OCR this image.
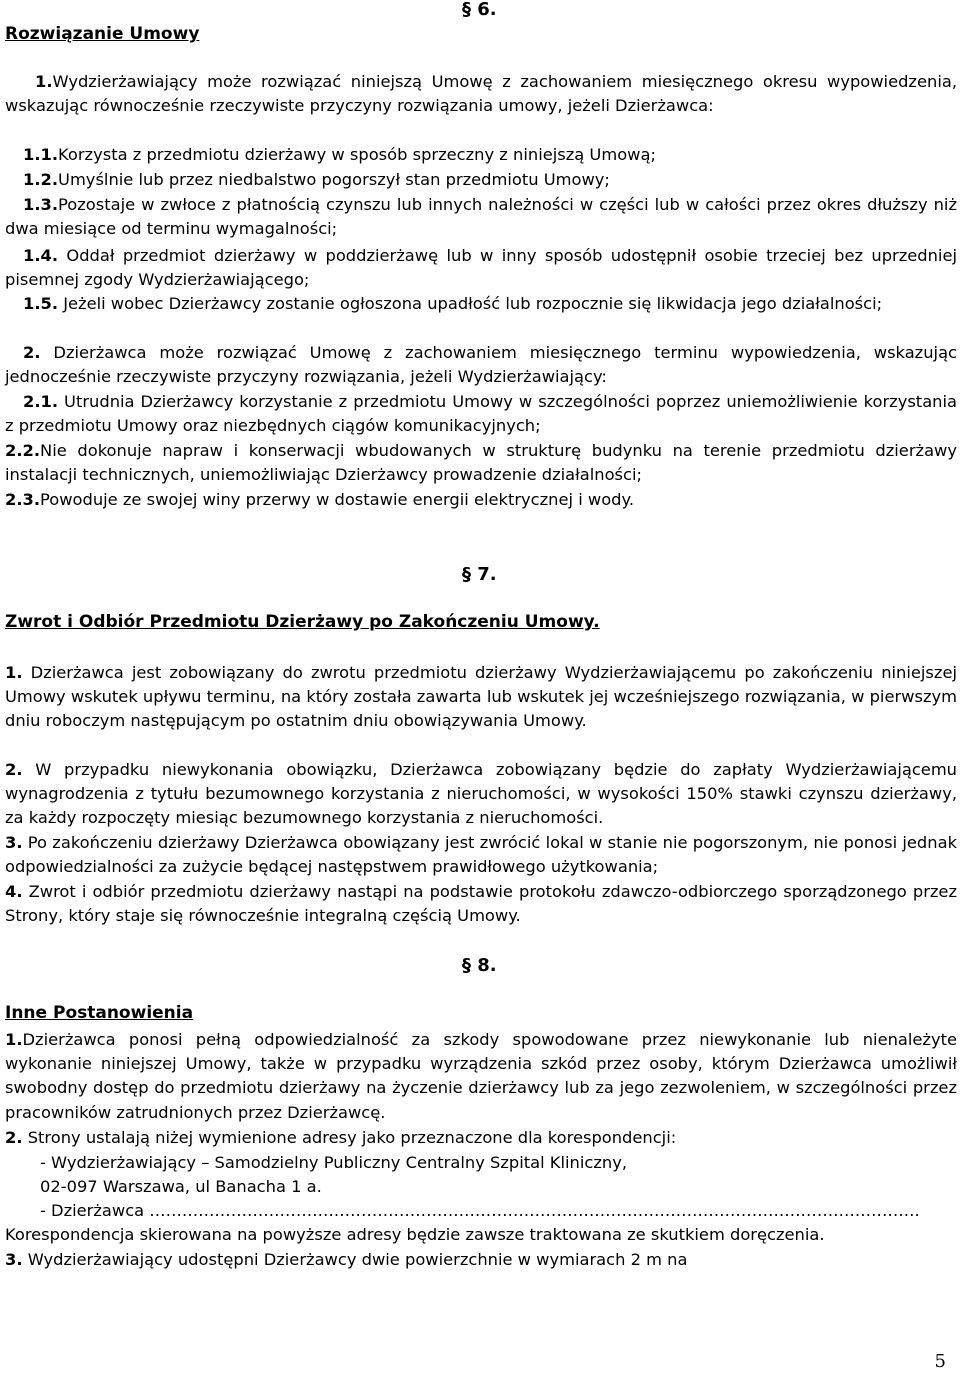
§ 6.
Rozwiązanie Umowy

1.Wydzierżawiający może rozwiązać niniejszą Umowę z zachowaniem miesięcznego okresu wypowiedzenia, wskazując równocześnie rzeczywiste przyczyny rozwiązania umowy, jeżeli Dzierżawca:

1.1.Korzysta z przedmiotu dzierżawy w sposób sprzeczny z niniejszą Umową;

1.2.Umyślnie lub przez niedbalstwo pogorszył stan przedmiotu Umowy;

1.3.Pozostaje w zwłoce z płatnością czynszu lub innych należności w części lub w całości przez okres dłuższy niż dwa miesiące od terminu wymagalności;

1.4. Oddał przedmiot dzierżawy w poddzierżawę lub w inny sposób udostępnił osobie trzeciej bez uprzedniej pisemnej zgody Wydzierżawiającego;

1.5. Jeżeli wobec Dzierżawcy zostanie ogłoszona upadłość lub rozpocznie się likwidacja jego działalności;

2. Dzierżawca może rozwiązać Umowę z zachowaniem miesięcznego terminu wypowiedzenia, wskazując jednocześnie rzeczywiste przyczyny rozwiązania, jeżeli Wydzierżawiający:

2.1. Utrudnia Dzierżawcy korzystanie z przedmiotu Umowy w szczególności poprzez uniemożliwienie korzystania z przedmiotu Umowy oraz niezbędnych ciągów komunikacyjnych;

2.2.Nie dokonuje napraw i konserwacji wbudowanych w strukturę budynku na terenie przedmiotu dzierżawy instalacji technicznych, uniemożliwiając Dzierżawcy prowadzenie działalności;

2.3.Powoduje ze swojej winy przerwy w dostawie energii elektrycznej i wody.

§ 7.
Zwrot i Odbiór Przedmiotu Dzierżawy po Zakończeniu Umowy.

1. Dzierżawca jest zobowiązany do zwrotu przedmiotu dzierżawy Wydzierżawiającemu po zakończeniu niniejszej Umowy wskutek upływu terminu, na który została zawarta lub wskutek jej wcześniejszego rozwiązania, w pierwszym dniu roboczym następującym po ostatnim dniu obowiązywania Umowy.

2. W przypadku niewykonania obowiązku, Dzierżawca zobowiązany będzie do zapłaty Wydzierżawiającemu wynagrodzenia z tytułu bezumownego korzystania z nieruchomości, w wysokości 150% stawki czynszu dzierżawy, za każdy rozpoczęty miesiąc bezumownego korzystania z nieruchomości.

3. Po zakończeniu dzierżawy Dzierżawca obowiązany jest zwrócić lokal w stanie nie pogorszonym, nie ponosi jednak odpowiedzialności za zużycie będącej następstwem prawidłowego użytkowania;

4. Zwrot i odbiór przedmiotu dzierżawy nastąpi na podstawie protokołu zdawczo-odbiorczego sporządzonego przez Strony, który staje się równocześnie integralną częścią Umowy.

§ 8.
Inne Postanowienia

1.Dzierżawca ponosi pełną odpowiedzialność za szkody spowodowane przez niewykonanie lub nienależyte wykonanie niniejszej Umowy, także w przypadku wyrządzenia szkód przez osoby, którym Dzierżawca umożliwił swobodny dostęp do przedmiotu dzierżawy na życzenie dzierżawcy lub za jego zezwoleniem, w szczególności przez pracowników zatrudnionych przez Dzierżawcę.

2. Strony ustalają niżej wymienione adresy jako przeznaczone dla korespondencji:

- Wydzierżawiający – Samodzielny Publiczny Centralny Szpital Kliniczny,
02-097 Warszawa, ul Banacha 1 a.
- Dzierżawca …………………………………………………………………………………………………………………………….
Korespondencja skierowana na powyższe adresy będzie zawsze traktowana ze skutkiem doręczenia.

3. Wydzierżawiający udostępni Dzierżawcy dwie powierzchnie w wymiarach 2 m na

5
